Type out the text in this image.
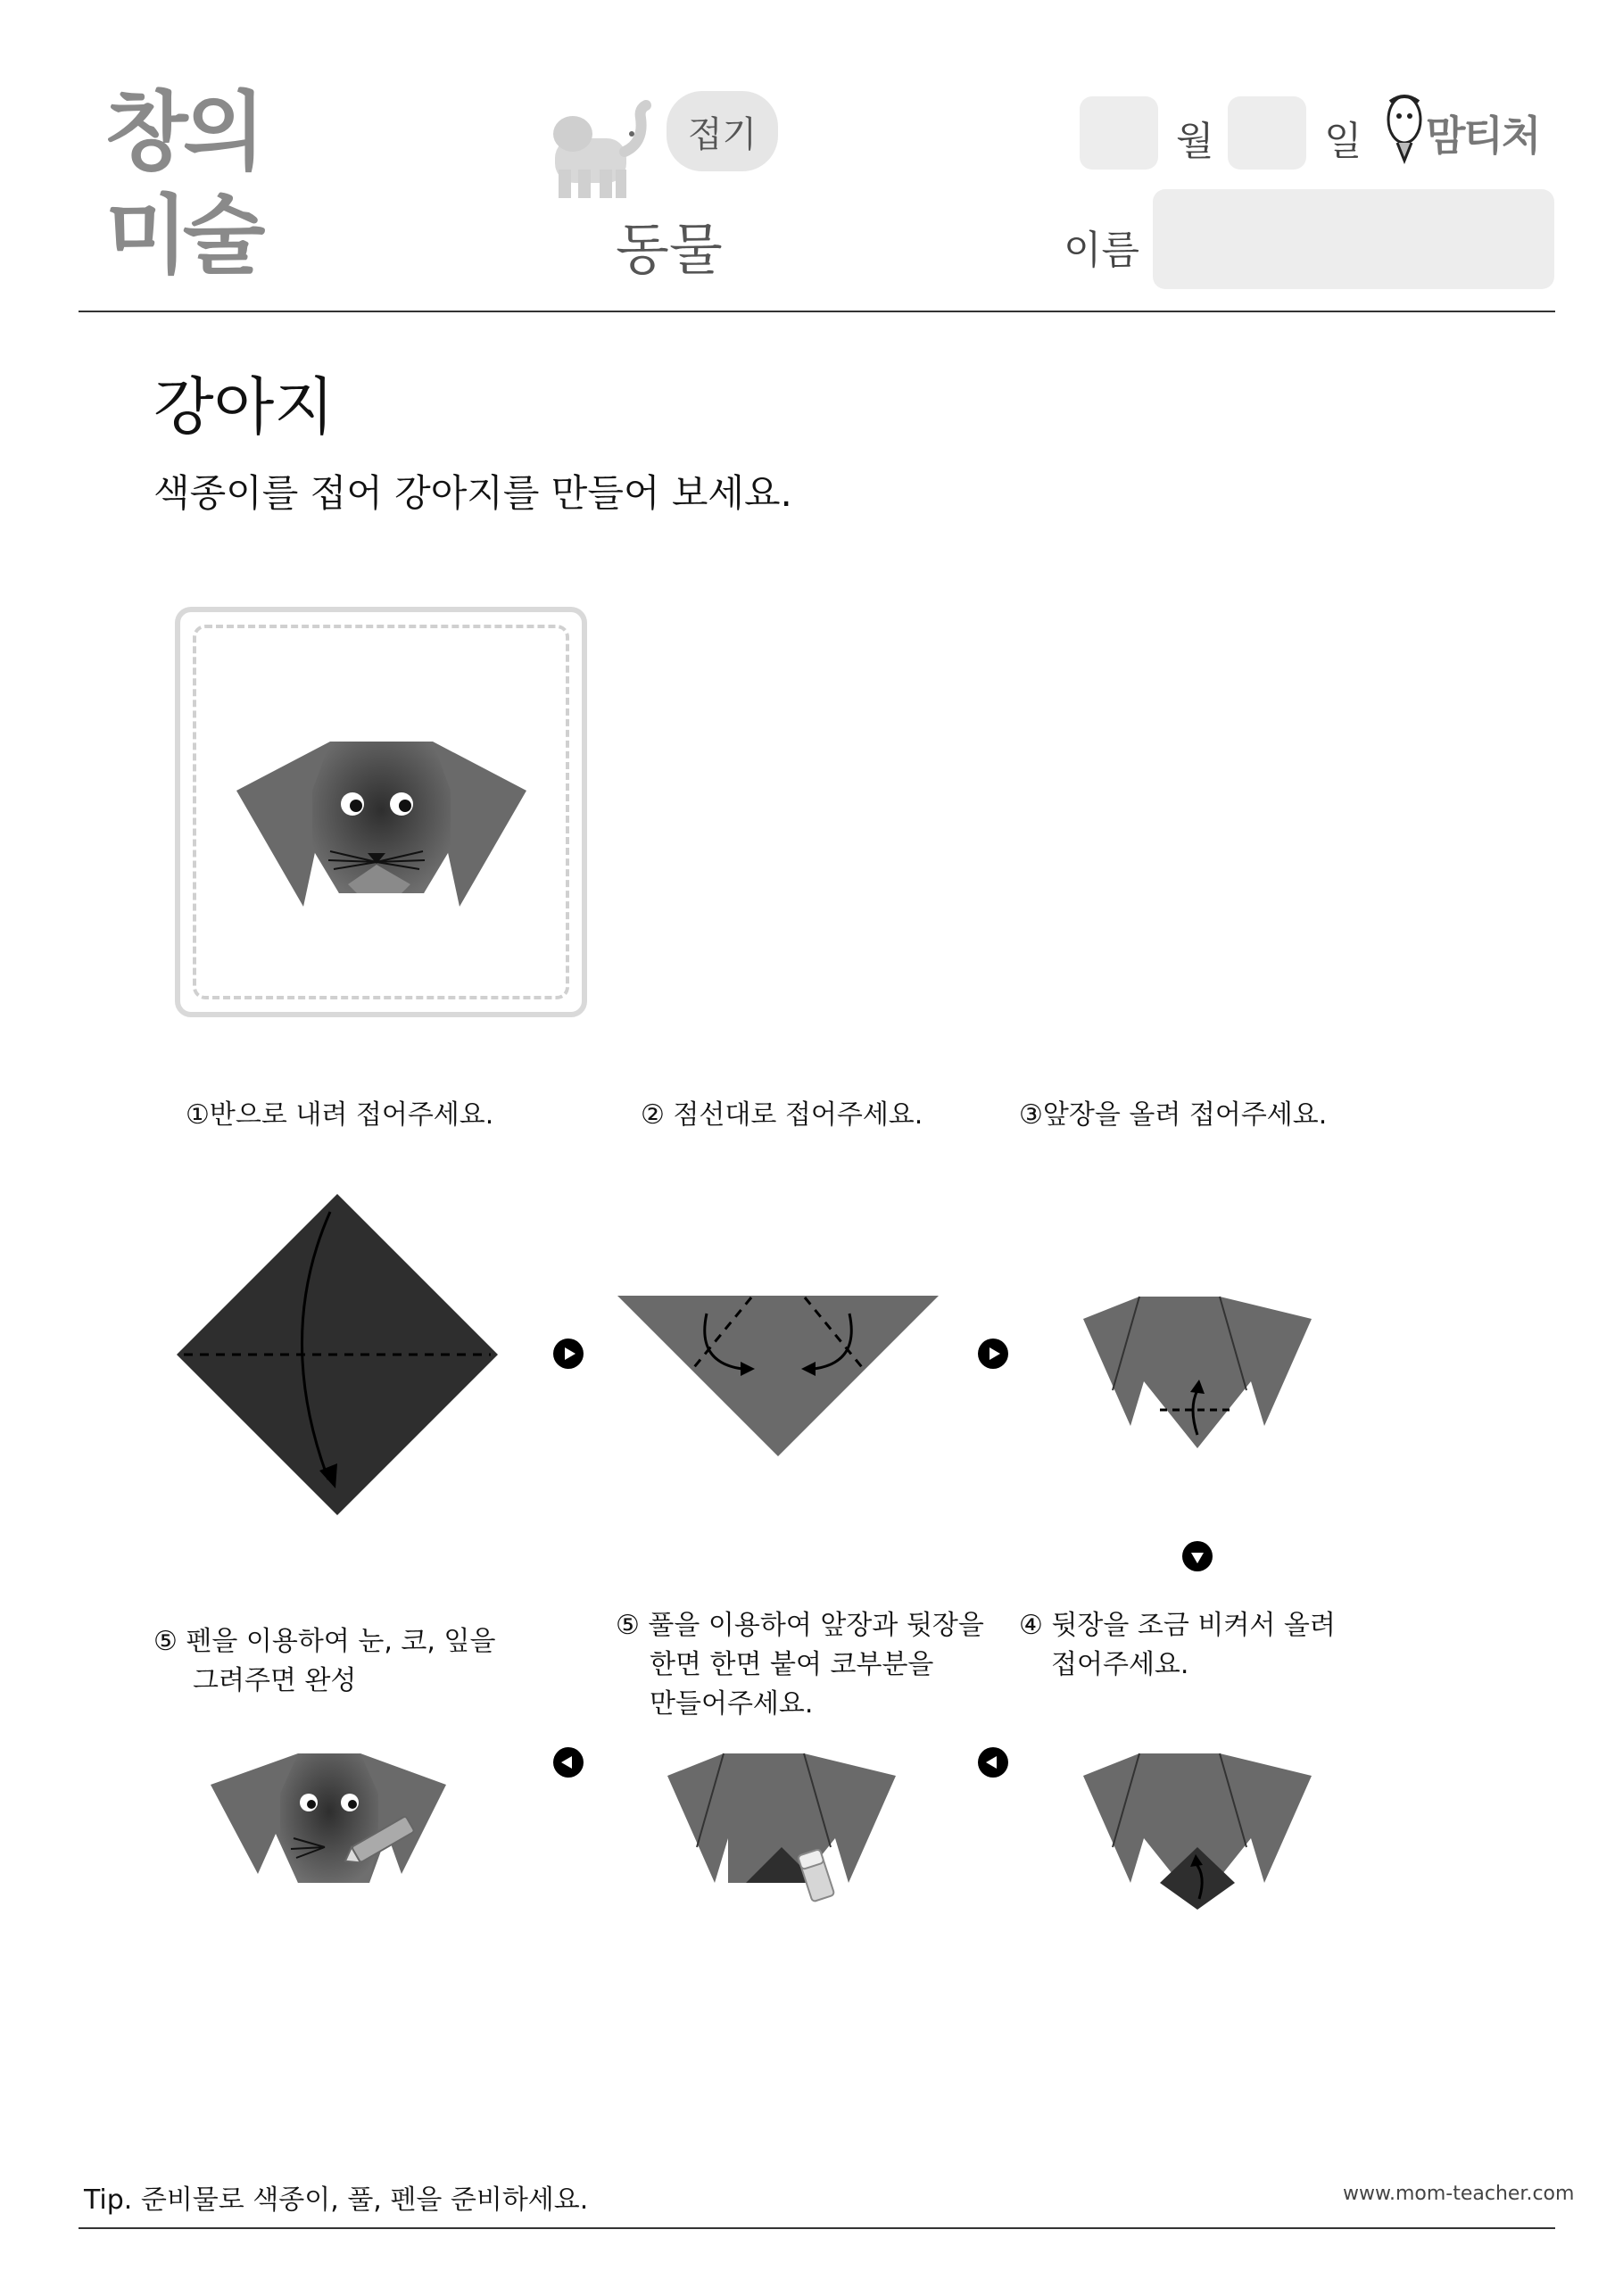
창의
미술
접기
동물
월	일 맘티처
이름
강아지
색종이를 접어 강아지를 만들어 보세요.
①반으로 내려 접어주세요.	② 점선대로 접어주세요.	③앞장을 올려 접어주세요.
⑤ 펜을 이용하여 눈, 코, 잎을
그려주면 완성
⑤ 풀을 이용하여 앞장과 뒷장을
한면 한면 붙여 코부분을
만들어주세요.
④ 뒷장을 조금 비켜서 올려
접어주세요.
Tip. 준비물로 색종이, 풀, 펜을 준비하세요.	www.mom-teacher.com
